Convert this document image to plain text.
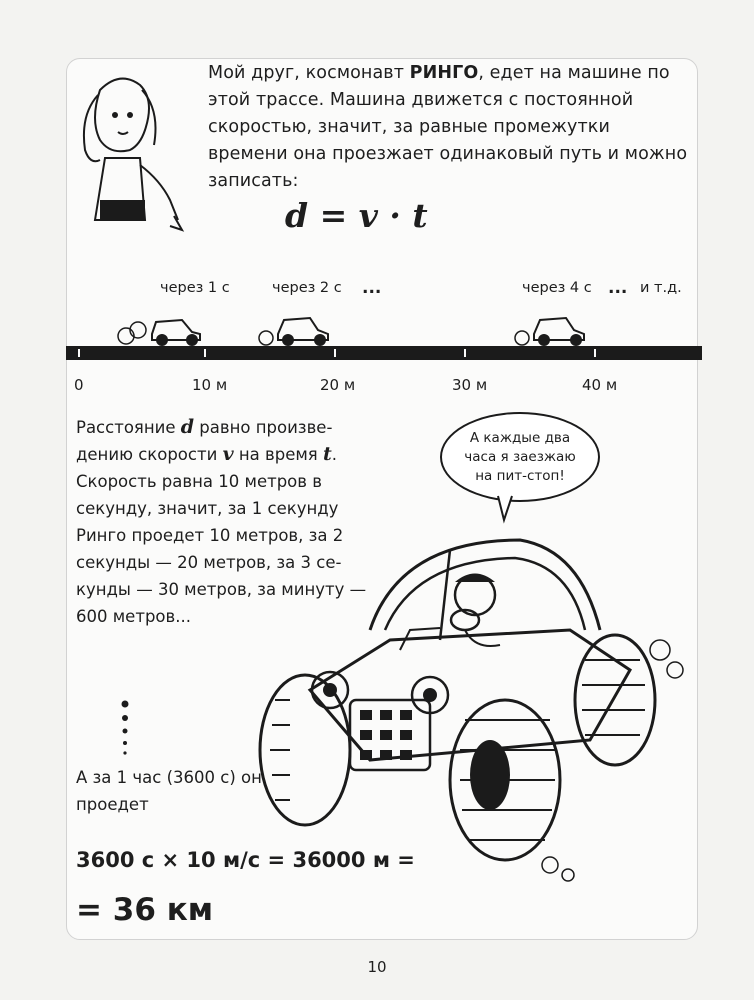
Мой друг, космонавт РИНГО, едет на машине по этой трассе. Машина движется с постоянной скоростью, значит, за равные промежутки времени она проезжает одинаковый путь и можно записать:
d = v · t
через 1 с	через 2 с ...	через 4 с ... и т.д.
0	10 м	20 м	30 м	40 м
Расстояние d равно произве-дению скорости v на время t. Скорость равна 10 метров в секунду, значит, за 1 секунду Ринго проедет 10 метров, за 2 секунды — 20 метров, за 3 се-кунды — 30 метров, за минуту — 600 метров...
А за 1 час (3600 с) он проедет
3600 с × 10 м/с = 36000 м =
= 36 км
А каждые два часа я заезжаю на пит-стоп!
10
